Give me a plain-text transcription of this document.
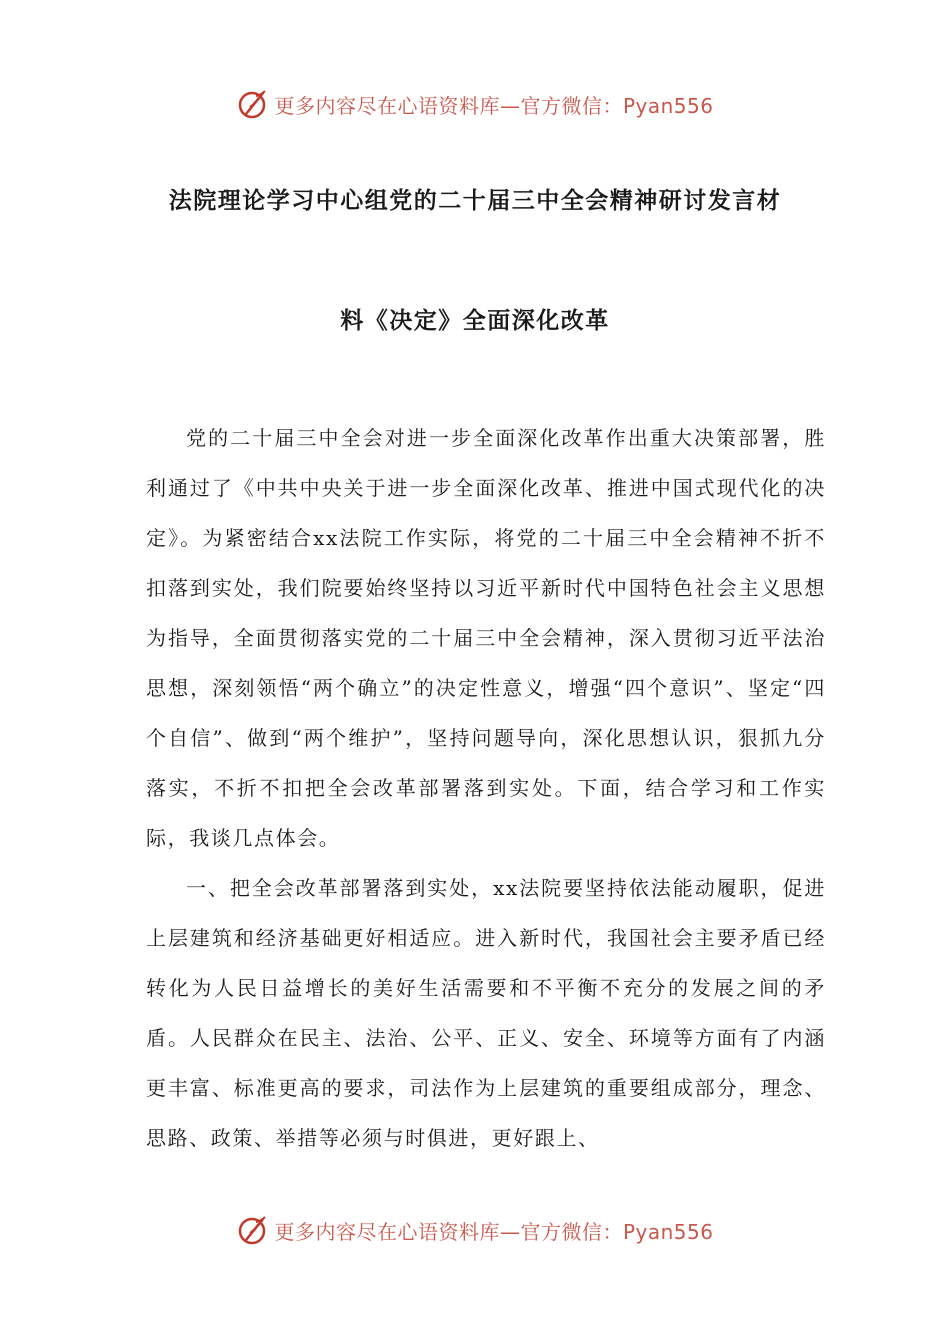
更多内容尽在心语资料库—官方微信：Pyan556
法院理论学习中心组党的二十届三中全会精神研讨发言材
料《决定》全面深化改革

党的二十届三中全会对进一步全面深化改革作出重大决策部署，胜利通过了《中共中央关于进一步全面深化改革、推进中国式现代化的决定》。为紧密结合xx法院工作实际，将党的二十届三中全会精神不折不扣落到实处，我们院要始终坚持以习近平新时代中国特色社会主义思想为指导，全面贯彻落实党的二十届三中全会精神，深入贯彻习近平法治思想，深刻领悟“两个确立”的决定性意义，增强“四个意识”、坚定“四个自信”、做到“两个维护”，坚持问题导向，深化思想认识，狠抓九分落实，不折不扣把全会改革部署落到实处。下面，结合学习和工作实际，我谈几点体会。

一、把全会改革部署落到实处，xx法院要坚持依法能动履职，促进上层建筑和经济基础更好相适应。进入新时代，我国社会主要矛盾已经转化为人民日益增长的美好生活需要和不平衡不充分的发展之间的矛盾。人民群众在民主、法治、公平、正义、安全、环境等方面有了内涵更丰富、标准更高的要求，司法作为上层建筑的重要组成部分，理念、思路、政策、举措等必须与时俱进，更好跟上、

更多内容尽在心语资料库—官方微信：Pyan556
